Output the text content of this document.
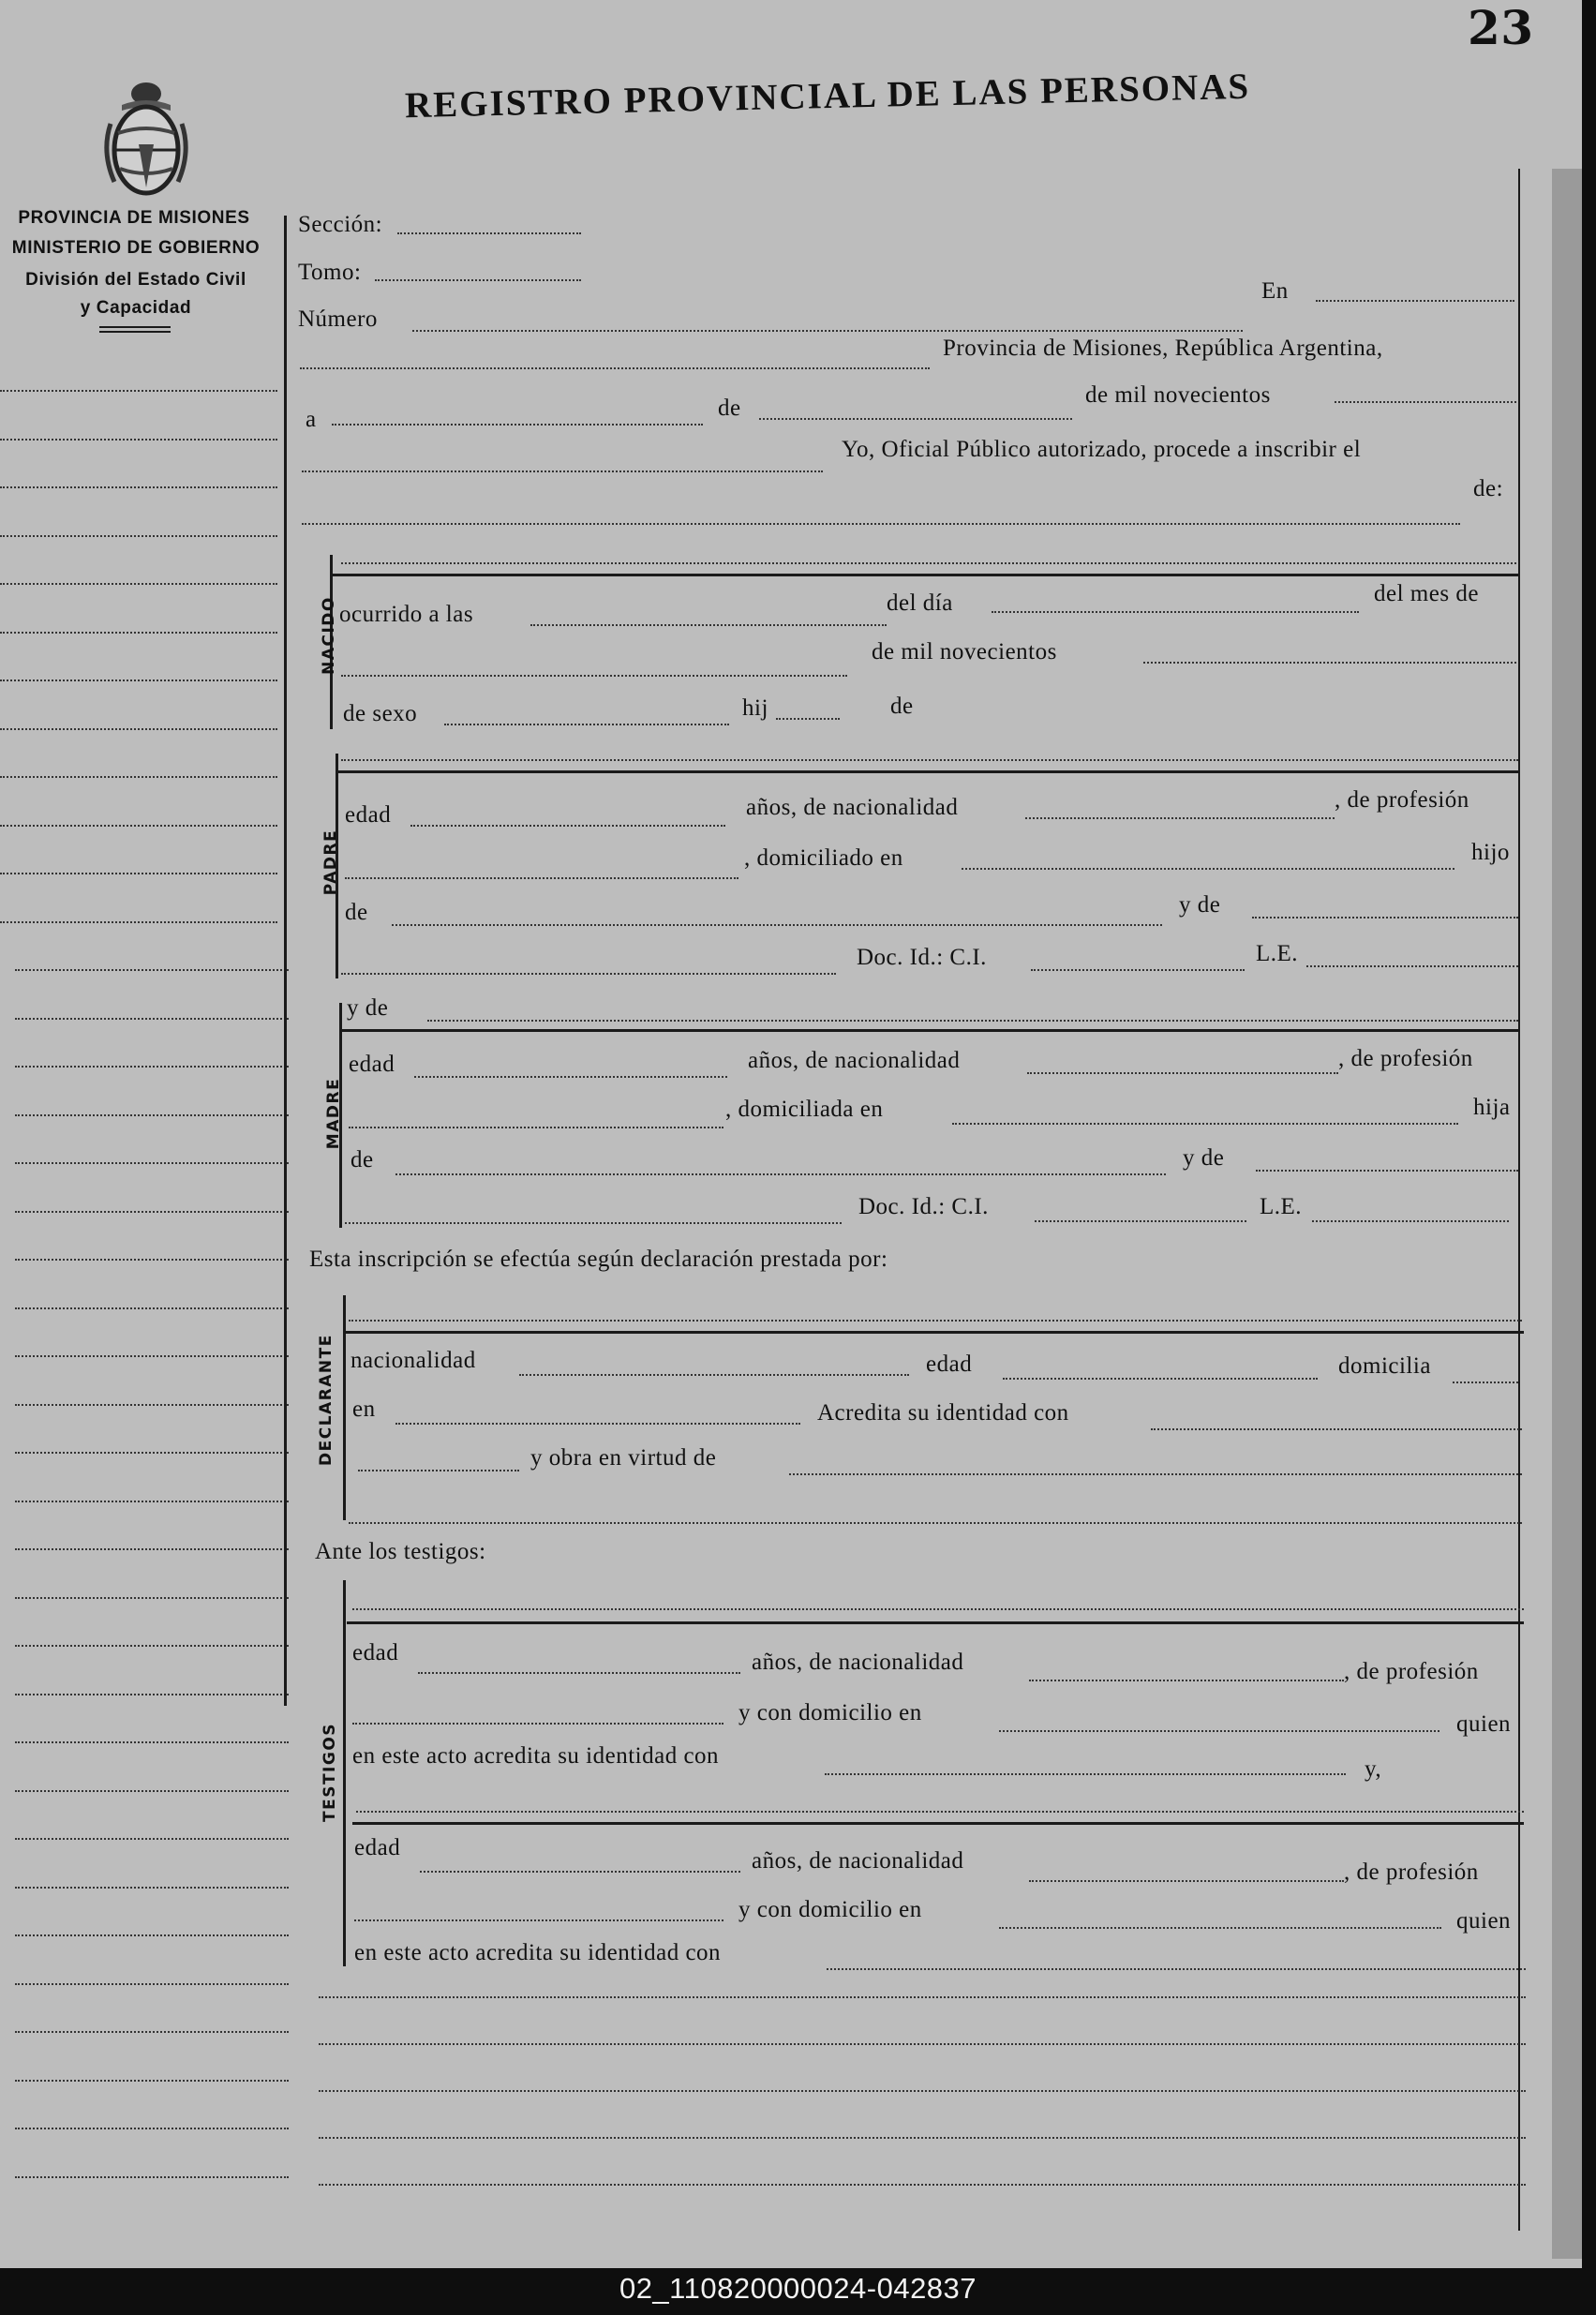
23
REGISTRO PROVINCIAL DE LAS PERSONAS
PROVINCIA DE MISIONES
MINISTERIO DE GOBIERNO
División del Estado Civil
y Capacidad
Sección:
Tomo:
Número
En
Provincia de Misiones, República Argentina,
a	de
de mil novecientos
Yo, Oficial Público autorizado, procede a inscribir el
de:
NACIDO ocurrido a las	del día	del mes de
de mil novecientos
de sexo	hij	de
PADRE
edad	años, de nacionalidad	, de profesión
, domiciliado en	hijo
de	y de
Doc. Id.: C.I.	L.E.
MADRE
y de
edad	años, de nacionalidad	, de profesión
, domiciliada en	hija
de	y de
Doc. Id.: C.I.	L.E.
Esta inscripción se efectúa según declaración prestada por:
DECLARANTE nacionalidad	edad	domicilia
en	Acredita su identidad con
y obra en virtud de
Ante los testigos:
TESTIGOS
edad	años, de nacionalidad	, de profesión
y con domicilio en	quien
en este acto acredita su identidad con
y,
edad
años, de nacionalidad	, de profesión
y con domicilio en	quien
en este acto acredita su identidad con
02_110820000024-042837
